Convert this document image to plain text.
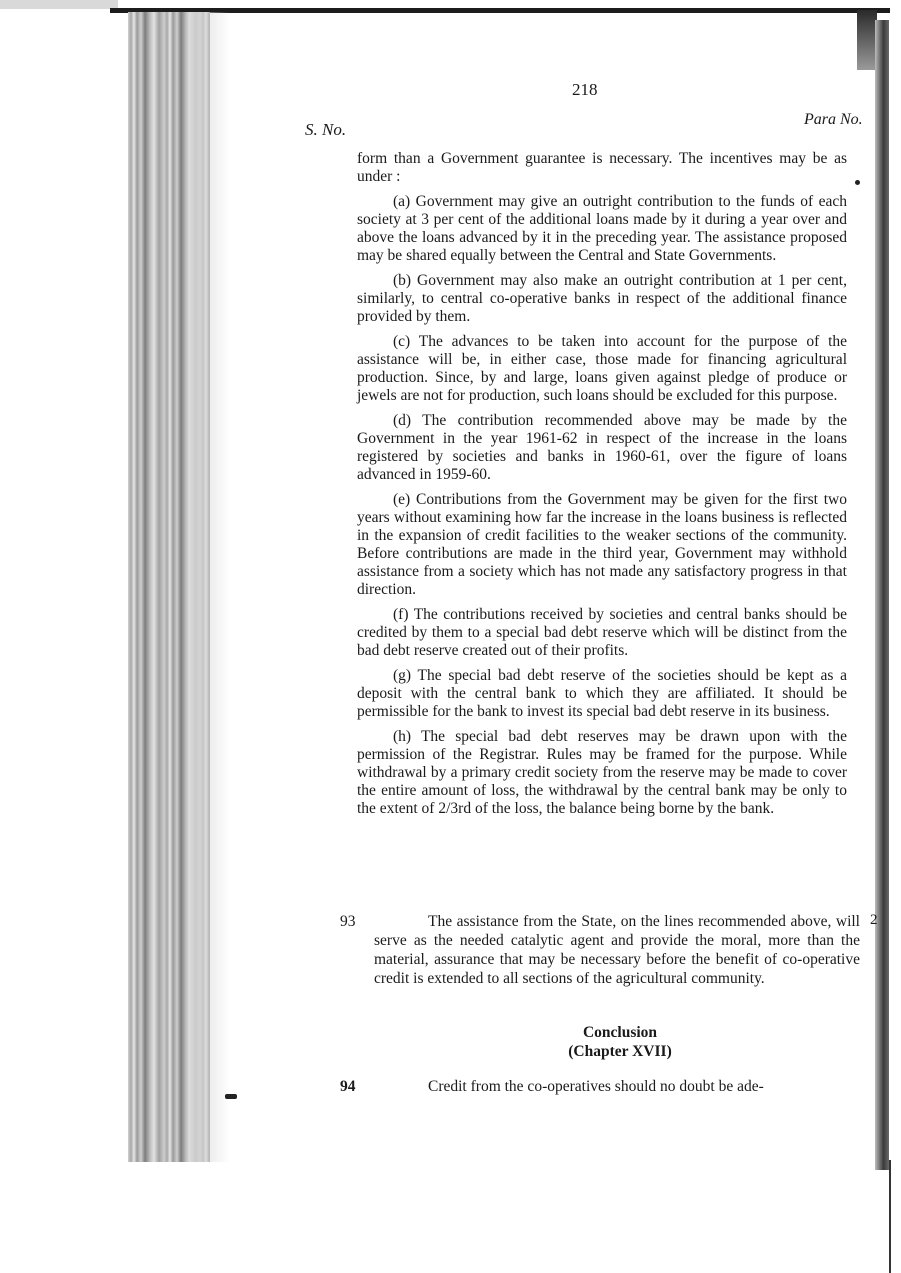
218
S. No.
Para No.

form than a Government guarantee is necessary. The incentives may be as under :

(a) Government may give an outright contribution to the funds of each society at 3 per cent of the additional loans made by it during a year over and above the loans advanced by it in the preceding year. The assistance proposed may be shared equally between the Central and State Governments.

(b) Government may also make an outright contribution at 1 per cent, similarly, to central co-operative banks in respect of the additional finance provided by them.

(c) The advances to be taken into account for the purpose of the assistance will be, in either case, those made for financing agricultural production. Since, by and large, loans given against pledge of produce or jewels are not for production, such loans should be excluded for this purpose.

(d) The contribution recommended above may be made by the Government in the year 1961-62 in respect of the increase in the loans registered by societies and banks in 1960-61, over the figure of loans advanced in 1959-60.

(e) Contributions from the Government may be given for the first two years without examining how far the increase in the loans business is reflected in the expansion of credit facilities to the weaker sections of the community. Before contributions are made in the third year, Government may withhold assistance from a society which has not made any satisfactory progress in that direction.

(f) The contributions received by societies and central banks should be credited by them to a special bad debt reserve which will be distinct from the bad debt reserve created out of their profits.

(g) The special bad debt reserve of the societies should be kept as a deposit with the central bank to which they are affiliated. It should be permissible for the bank to invest its special bad debt reserve in its business.

(h) The special bad debt reserves may be drawn upon with the permission of the Registrar. Rules may be framed for the purpose. While withdrawal by a primary credit society from the reserve may be made to cover the entire amount of loss, the withdrawal by the central bank may be only to the extent of 2/3rd of the loss, the balance being borne by the bank.

93	The assistance from the State, on the lines recommended above, will serve as the needed catalytic agent and provide the moral, more than the material, assurance that may be necessary before the benefit of co-operative credit is extended to all sections of the agricultural community.
2
Conclusion
(Chapter XVII)
94	Credit from the co-operatives should no doubt be ade-
